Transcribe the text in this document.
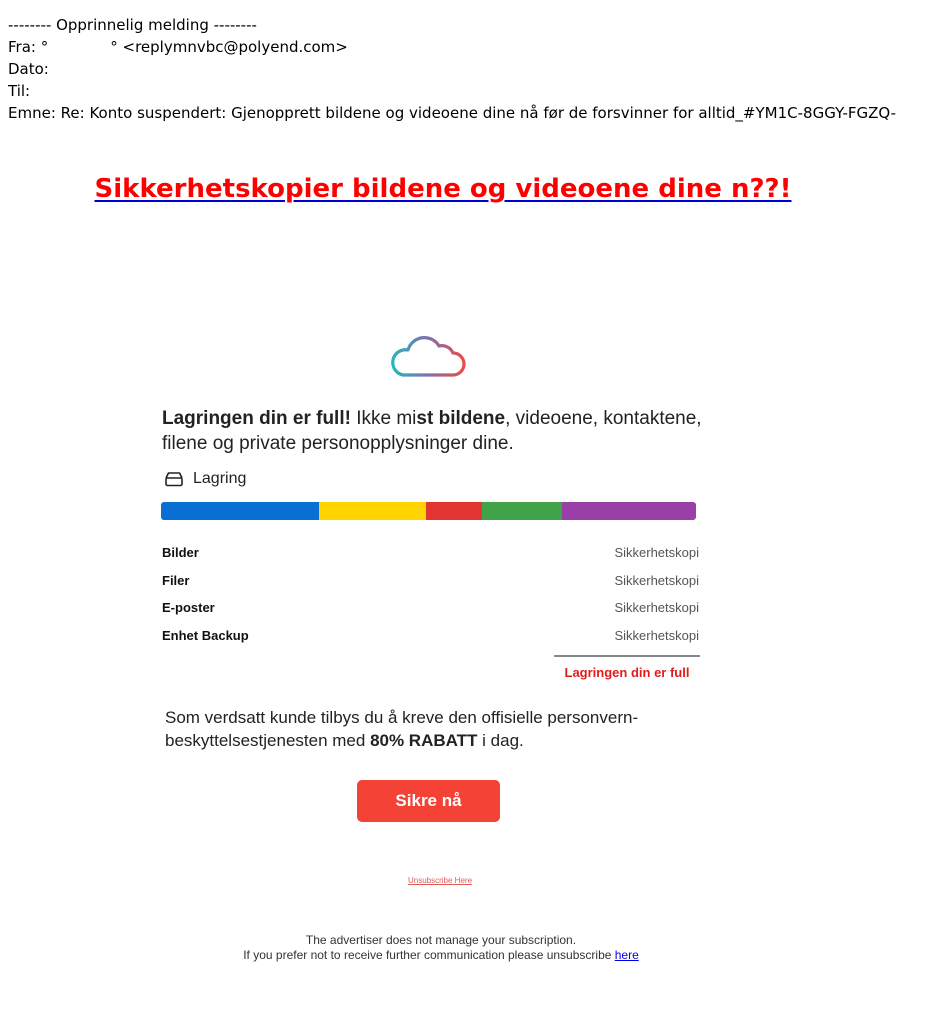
-------- Opprinnelig melding --------
Fra: °	° <replymnvbc@polyend.com>
Dato:
Til:
Emne: Re: Konto suspendert: Gjenopprett bildene og videoene dine nå før de forsvinner for alltid_#YM1C-8GGY-FGZQ-
Sikkerhetskopier bildene og videoene dine n??!
Lagringen din er full! Ikke mist bildene, videoene, kontaktene, filene og private personopplysninger dine.
Lagring
Bilder	Sikkerhetskopi
Filer	Sikkerhetskopi
E-poster	Sikkerhetskopi
Enhet Backup	Sikkerhetskopi
Lagringen din er full
Som verdsatt kunde tilbys du å kreve den offisielle personvern-beskyttelsestjenesten med 80% RABATT i dag.
Sikre nå
Unsubscribe Here
The advertiser does not manage your subscription.
If you prefer not to receive further communication please unsubscribe here
